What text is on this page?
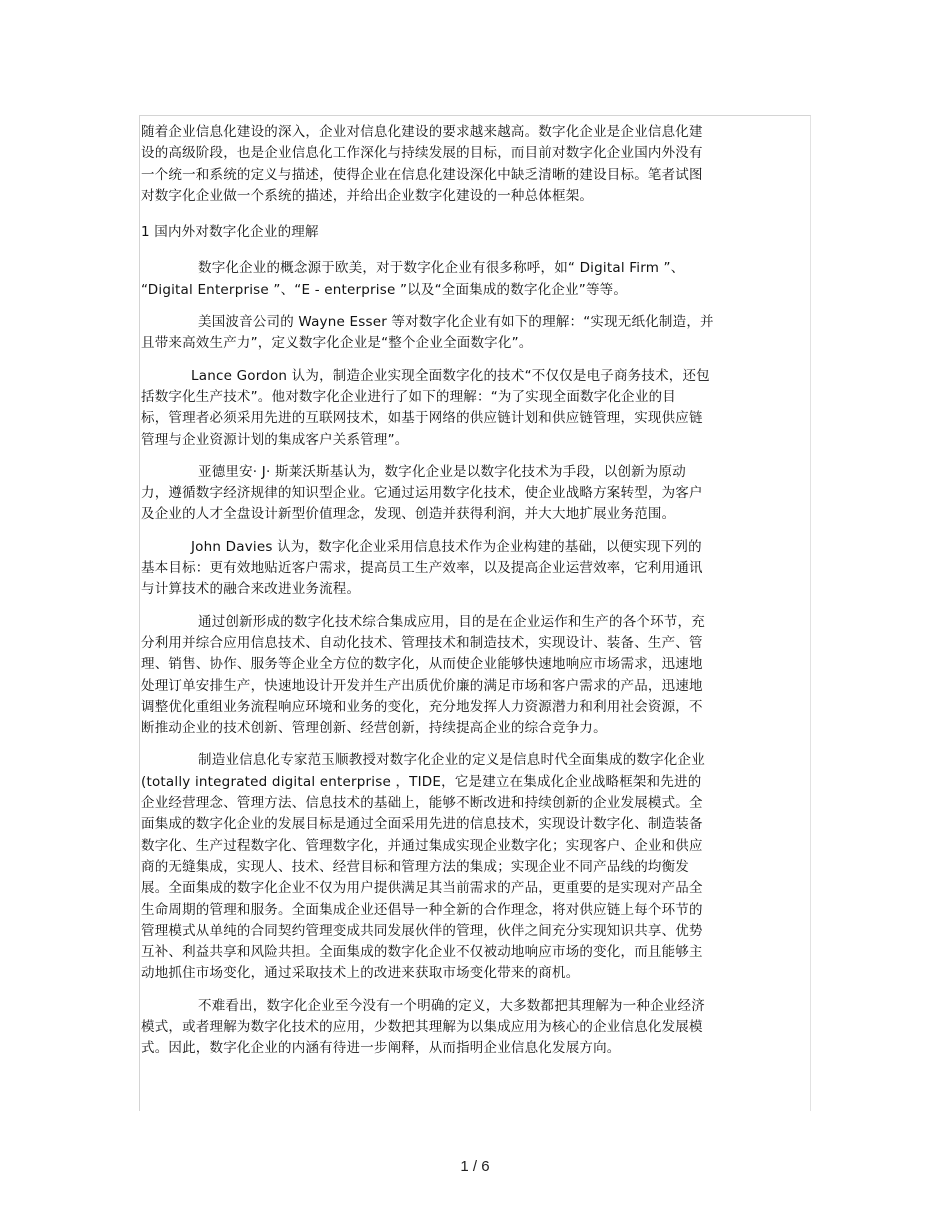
随着企业信息化建设的深入，企业对信息化建设的要求越来越高。数字化企业是企业信息化建
设的高级阶段，也是企业信息化工作深化与持续发展的目标，而目前对数字化企业国内外没有
一个统一和系统的定义与描述，使得企业在信息化建设深化中缺乏清晰的建设目标。笔者试图
对数字化企业做一个系统的描述，并给出企业数字化建设的一种总体框架。
1 国内外对数字化企业的理解
数字化企业的概念源于欧美，对于数字化企业有很多称呼，如“ Digital Firm ”、
“Digital Enterprise ”、“E - enterprise ”以及“全面集成的数字化企业”等等。
美国波音公司的 Wayne Esser 等对数字化企业有如下的理解：“实现无纸化制造，并
且带来高效生产力”，定义数字化企业是“整个企业全面数字化”。
Lance Gordon 认为，制造企业实现全面数字化的技术“不仅仅是电子商务技术，还包
括数字化生产技术”。他对数字化企业进行了如下的理解：“为了实现全面数字化企业的目
标，管理者必须采用先进的互联网技术，如基于网络的供应链计划和供应链管理，实现供应链
管理与企业资源计划的集成客户关系管理”。
亚德里安· J· 斯莱沃斯基认为，数字化企业是以数字化技术为手段，以创新为原动
力，遵循数字经济规律的知识型企业。它通过运用数字化技术，使企业战略方案转型，为客户
及企业的人才全盘设计新型价值理念，发现、创造并获得利润，并大大地扩展业务范围。
John Davies 认为，数字化企业采用信息技术作为企业构建的基础，以便实现下列的
基本目标：更有效地贴近客户需求，提高员工生产效率，以及提高企业运营效率，它利用通讯
与计算技术的融合来改进业务流程。
通过创新形成的数字化技术综合集成应用，目的是在企业运作和生产的各个环节，充
分利用并综合应用信息技术、自动化技术、管理技术和制造技术，实现设计、装备、生产、管
理、销售、协作、服务等企业全方位的数字化，从而使企业能够快速地响应市场需求，迅速地
处理订单安排生产，快速地设计开发并生产出质优价廉的满足市场和客户需求的产品，迅速地
调整优化重组业务流程响应环境和业务的变化，充分地发挥人力资源潜力和利用社会资源，不
断推动企业的技术创新、管理创新、经营创新，持续提高企业的综合竞争力。
制造业信息化专家范玉顺教授对数字化企业的定义是信息时代全面集成的数字化企业
(totally integrated digital enterprise ，TIDE，它是建立在集成化企业战略框架和先进的
企业经营理念、管理方法、信息技术的基础上，能够不断改进和持续创新的企业发展模式。全
面集成的数字化企业的发展目标是通过全面采用先进的信息技术，实现设计数字化、制造装备
数字化、生产过程数字化、管理数字化，并通过集成实现企业数字化；实现客户、企业和供应
商的无缝集成，实现人、技术、经营目标和管理方法的集成；实现企业不同产品线的均衡发
展。全面集成的数字化企业不仅为用户提供满足其当前需求的产品，更重要的是实现对产品全
生命周期的管理和服务。全面集成企业还倡导一种全新的合作理念，将对供应链上每个环节的
管理模式从单纯的合同契约管理变成共同发展伙伴的管理，伙伴之间充分实现知识共享、优势
互补、利益共享和风险共担。全面集成的数字化企业不仅被动地响应市场的变化，而且能够主
动地抓住市场变化，通过采取技术上的改进来获取市场变化带来的商机。
不难看出，数字化企业至今没有一个明确的定义，大多数都把其理解为一种企业经济
模式，或者理解为数字化技术的应用，少数把其理解为以集成应用为核心的企业信息化发展模
式。因此，数字化企业的内涵有待进一步阐释，从而指明企业信息化发展方向。
1 / 6
